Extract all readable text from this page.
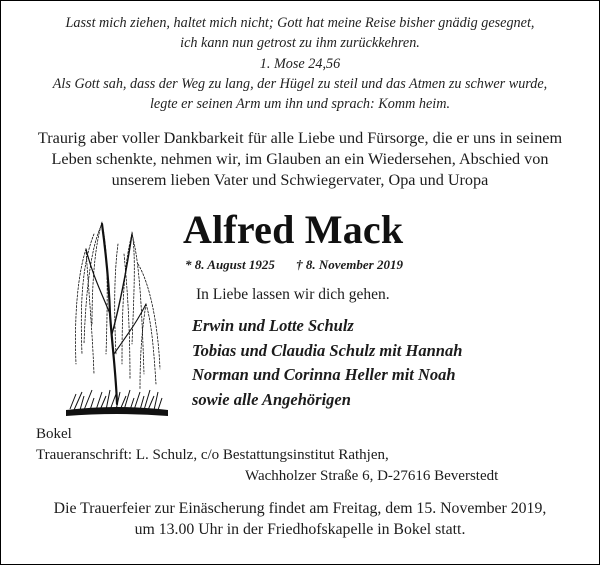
Lasst mich ziehen, haltet mich nicht; Gott hat meine Reise bisher gnädig gesegnet,
ich kann nun getrost zu ihm zurückkehren.
1. Mose 24,56
Als Gott sah, dass der Weg zu lang, der Hügel zu steil und das Atmen zu schwer wurde,
legte er seinen Arm um ihn und sprach: Komm heim.
Traurig aber voller Dankbarkeit für alle Liebe und Fürsorge, die er uns in seinem
Leben schenkte, nehmen wir, im Glauben an ein Wiedersehen, Abschied von
unserem lieben Vater und Schwiegervater, Opa und Uropa
Alfred Mack
* 8. August 1925 † 8. November 2019
In Liebe lassen wir dich gehen.
Erwin und Lotte Schulz
Tobias und Claudia Schulz mit Hannah
Norman und Corinna Heller mit Noah
sowie alle Angehörigen
Bokel
Traueranschrift: L. Schulz, c/o Bestattungsinstitut Rathjen,
Wachholzer Straße 6, D-27616 Beverstedt
Die Trauerfeier zur Einäscherung findet am Freitag, dem 15. November 2019,
um 13.00 Uhr in der Friedhofskapelle in Bokel statt.
